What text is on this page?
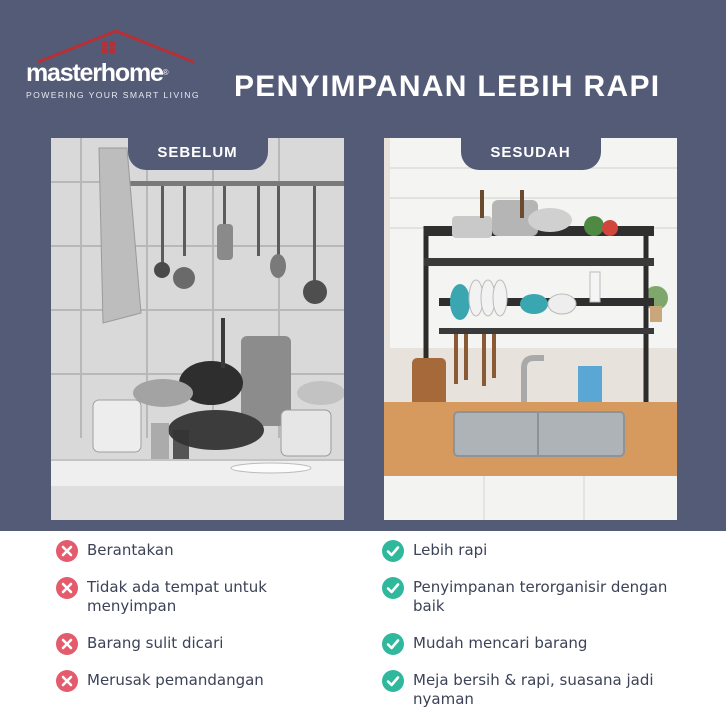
masterhome®
POWERING YOUR SMART LIVING PENYIMPANAN LEBIH RAPI
SEBELUM	SESUDAH
Berantakan
Tidak ada tempat untuk menyimpan
Barang sulit dicari
Merusak pemandangan
Lebih rapi
Penyimpanan terorganisir dengan baik
Mudah mencari barang
Meja bersih & rapi, suasana jadi nyaman
